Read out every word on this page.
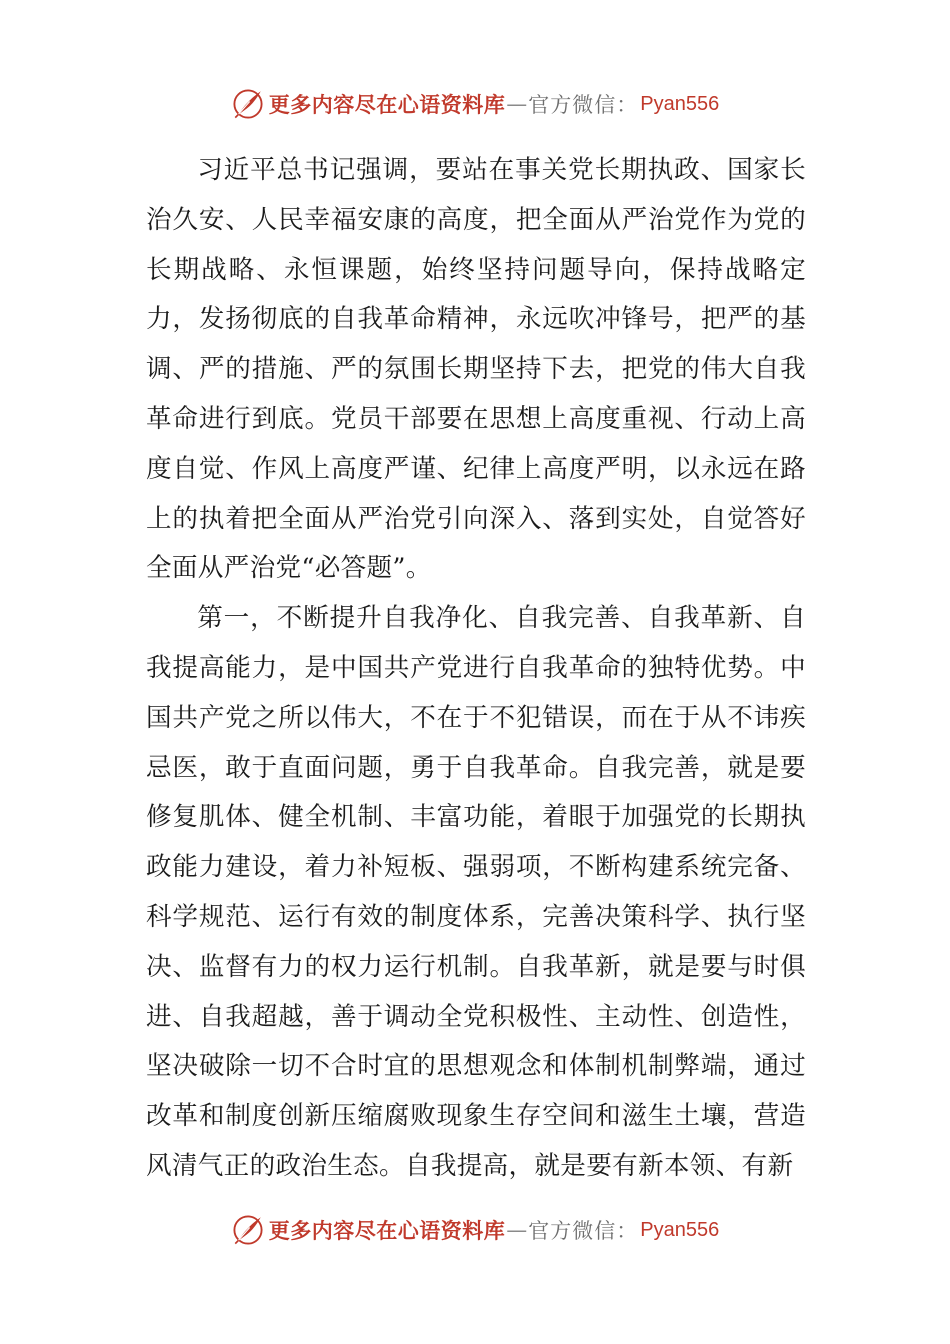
更多内容尽在心语资料库 — 官方微信： Pyan556

习近平总书记强调，要站在事关党长期执政、国家长治久安、人民幸福安康的高度，把全面从严治党作为党的长期战略、永恒课题，始终坚持问题导向，保持战略定力，发扬彻底的自我革命精神，永远吹冲锋号，把严的基调、严的措施、严的氛围长期坚持下去，把党的伟大自我革命进行到底。党员干部要在思想上高度重视、行动上高度自觉、作风上高度严谨、纪律上高度严明，以永远在路上的执着把全面从严治党引向深入、落到实处，自觉答好全面从严治党“必答题”。

第一，不断提升自我净化、自我完善、自我革新、自我提高能力，是中国共产党进行自我革命的独特优势。中国共产党之所以伟大，不在于不犯错误，而在于从不讳疾忌医，敢于直面问题，勇于自我革命。自我完善，就是要修复肌体、健全机制、丰富功能，着眼于加强党的长期执政能力建设，着力补短板、强弱项，不断构建系统完备、科学规范、运行有效的制度体系，完善决策科学、执行坚决、监督有力的权力运行机制。自我革新，就是要与时俱进、自我超越，善于调动全党积极性、主动性、创造性，坚决破除一切不合时宜的思想观念和体制机制弊端，通过改革和制度创新压缩腐败现象生存空间和滋生土壤，营造风清气正的政治生态。自我提高，就是要有新本领、有新

更多内容尽在心语资料库 — 官方微信： Pyan556
